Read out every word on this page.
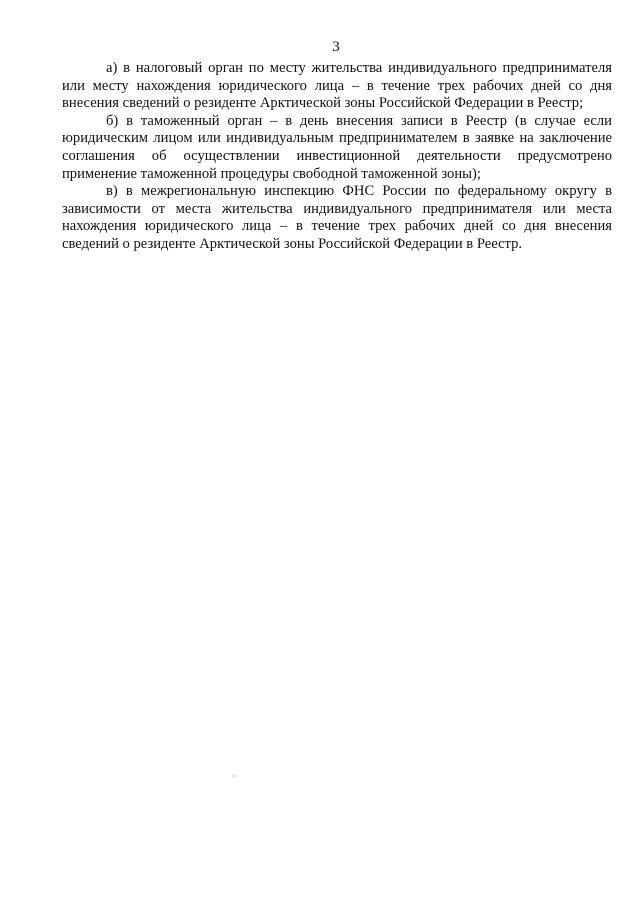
3

а) в налоговый орган по месту жительства индивидуального предпринимателя или месту нахождения юридического лица – в течение трех рабочих дней со дня внесения сведений о резиденте Арктической зоны Российской Федерации в Реестр;

б) в таможенный орган – в день внесения записи в Реестр (в случае если юридическим лицом или индивидуальным предпринимателем в заявке на заключение соглашения об осуществлении инвестиционной деятельности предусмотрено применение таможенной процедуры свободной таможенной зоны);

в) в межрегиональную инспекцию ФНС России по федеральному округу в зависимости от места жительства индивидуального предпринимателя или места нахождения юридического лица – в течение трех рабочих дней со дня внесения сведений о резиденте Арктической зоны Российской Федерации в Реестр.
